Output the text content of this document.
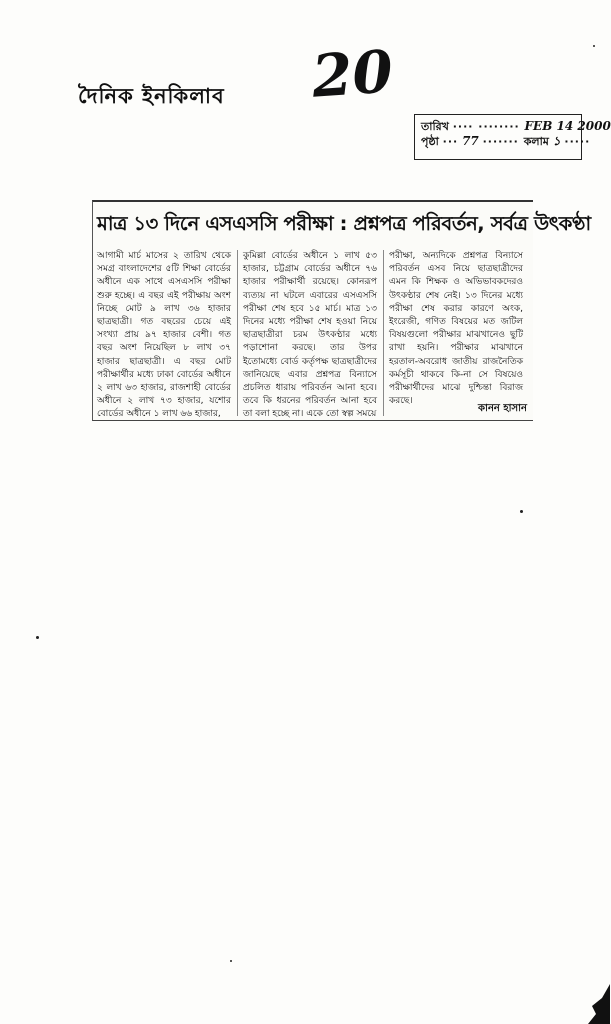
দৈনিক ইনকিলাব 20
তারিখ ···· ········ FEB 14 2000
পৃষ্ঠা ··· 77 ······· কলাম ১ ·····
মাত্র ১৩ দিনে এসএসসি পরীক্ষা : প্রশ্নপত্র পরিবর্তন, সর্বত্র উৎকণ্ঠা
আগামী মার্চ মাসের ২ তারিখ থেকে সমগ্র বাংলাদেশের ৫টি শিক্ষা বোর্ডের অধীনে এক সাথে এসএসসি পরীক্ষা শুরু হচ্ছে। এ বছর এই পরীক্ষায় অংশ নিচ্ছে মোট ৯ লাখ ৩৬ হাজার ছাত্রছাত্রী। গত বছরের চেয়ে এই সংখ্যা প্রায় ৯৭ হাজার বেশী। গত বছর অংশ নিয়েছিল ৮ লাখ ৩৭ হাজার ছাত্রছাত্রী। এ বছর মোট পরীক্ষার্থীর মধ্যে ঢাকা বোর্ডের অধীনে ২ লাখ ৬৩ হাজার, রাজশাহী বোর্ডের অধীনে ২ লাখ ৭৩ হাজার, যশোর বোর্ডের অধীনে ১ লাখ ৬৬ হাজার,
কুমিল্লা বোর্ডের অধীনে ১ লাখ ৫৩ হাজার, চট্টগ্রাম বোর্ডের অধীনে ৭৬ হাজার পরীক্ষার্থী রয়েছে। কোনরূপ ব্যত্যয় না ঘটলে এবারের এসএসসি পরীক্ষা শেষ হবে ১৫ মার্চ। মাত্র ১৩ দিনের মধ্যে পরীক্ষা শেষ হওয়া নিয়ে ছাত্রছাত্রীরা চরম উৎকণ্ঠার মধ্যে পড়াশোনা করছে। তার উপর ইতোমধ্যে বোর্ড কর্তৃপক্ষ ছাত্রছাত্রীদের জানিয়েছে এবার প্রশ্নপত্র বিন্যাসে প্রচলিত ধারায় পরিবর্তন আনা হবে। তবে কি ধরনের পরিবর্তন আনা হবে তা বলা হচ্ছে না। একে তো স্বল্প সময়ে
পরীক্ষা, অন্যদিকে প্রশ্নপত্র বিন্যাসে পরিবর্তন এসব নিয়ে ছাত্রছাত্রীদের এমন কি শিক্ষক ও অভিভাবকদেরও উৎকণ্ঠার শেষ নেই। ১৩ দিনের মধ্যে পরীক্ষা শেষ করার কারণে অংক, ইংরেজী, গণিত বিষয়ের মত জটিল বিষয়গুলো পরীক্ষার মাঝখানেও ছুটি রাখা হয়নি। পরীক্ষার মাঝখানে হরতাল-অবরোধ জাতীয় রাজনৈতিক কর্মসূচী থাকবে কি-না সে বিষয়েও পরীক্ষার্থীদের মাঝে দুশ্চিন্তা বিরাজ করছে।
কানন হাসান
